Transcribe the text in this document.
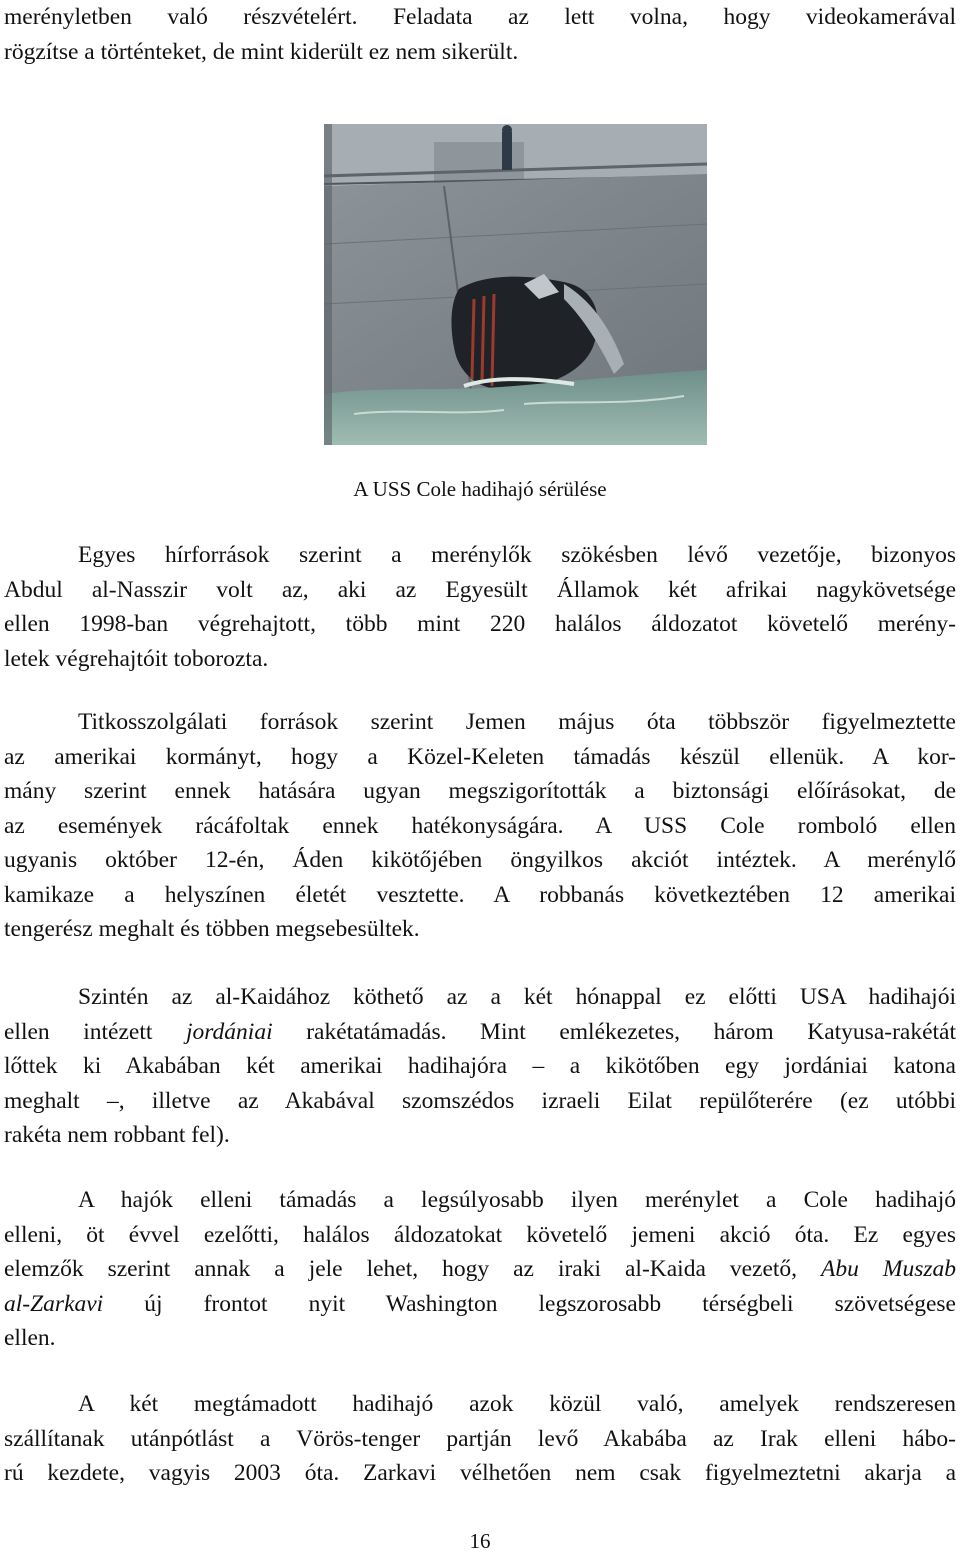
merényletben való részvételért. Feladata az lett volna, hogy videokamerával
rögzítse a történteket, de mint kiderült ez nem sikerült.
A USS Cole hadihajó sérülése
Egyes hírforrások szerint a merénylők szökésben lévő vezetője, bizonyos
Abdul al-Nasszir volt az, aki az Egyesült Államok két afrikai nagykövetsége
ellen 1998-ban végrehajtott, több mint 220 halálos áldozatot követelő merény-
letek végrehajtóit toborozta.
Titkosszolgálati források szerint Jemen május óta többször figyelmeztette
az amerikai kormányt, hogy a Közel-Keleten támadás készül ellenük. A kor-
mány szerint ennek hatására ugyan megszigorították a biztonsági előírásokat, de
az események rácáfoltak ennek hatékonyságára. A USS Cole romboló ellen
ugyanis október 12-én, Áden kikötőjében öngyilkos akciót intéztek. A merénylő
kamikaze a helyszínen életét vesztette. A robbanás következtében 12 amerikai
tengerész meghalt és többen megsebesültek.
Szintén az al-Kaidához köthető az a két hónappal ez előtti USA hadihajói
ellen intézett jordániai rakétatámadás. Mint emlékezetes, három Katyusa-rakétát
lőttek ki Akabában két amerikai hadihajóra – a kikötőben egy jordániai katona
meghalt –, illetve az Akabával szomszédos izraeli Eilat repülőterére (ez utóbbi
rakéta nem robbant fel).
A hajók elleni támadás a legsúlyosabb ilyen merénylet a Cole hadihajó
elleni, öt évvel ezelőtti, halálos áldozatokat követelő jemeni akció óta. Ez egyes
elemzők szerint annak a jele lehet, hogy az iraki al-Kaida vezető, Abu Muszab
al-Zarkavi új frontot nyit Washington legszorosabb térségbeli szövetségese
ellen.
A két megtámadott hadihajó azok közül való, amelyek rendszeresen
szállítanak utánpótlást a Vörös-tenger partján levő Akabába az Irak elleni hábo-
rú kezdete, vagyis 2003 óta. Zarkavi vélhetően nem csak figyelmeztetni akarja a
16
